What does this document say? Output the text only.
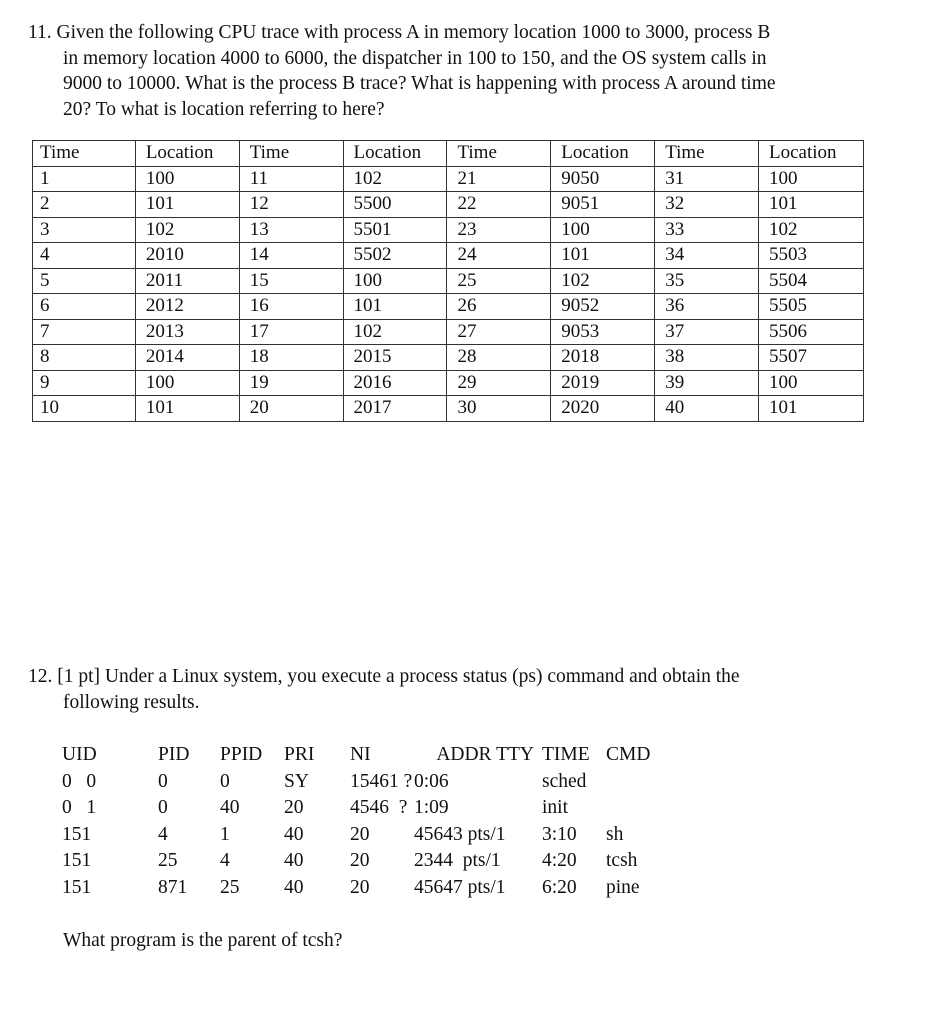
11. Given the following CPU trace with process A in memory location 1000 to 3000, process B
in memory location 4000 to 6000, the dispatcher in 100 to 150, and the OS system calls in
9000 to 10000. What is the process B trace? What is happening with process A around time
20? To what is location referring to here?
Time	Location	Time	Location	Time	Location	Time	Location
1	100	11	102	21	9050	31	100
2	101	12	5500	22	9051	32	101
3	102	13	5501	23	100	33	102
4	2010	14	5502	24	101	34	5503
5	2011	15	100	25	102	35	5504
6	2012	16	101	26	9052	36	5505
7	2013	17	102	27	9053	37	5506
8	2014	18	2015	28	2018	38	5507
9	100	19	2016	29	2019	39	100
10	101	20	2017	30	2020	40	101
12. [1 pt] Under a Linux system, you execute a process status (ps) command and obtain the
following results.
UID	PID	PPID	PRI	NI	ADDR TTY	TIME	CMD
0   0	0	0	SY	15461 ?	0:06	sched	
0   1	0	40	20	4546  ?	1:09	init	
151	4	1	40	20	45643 pts/1	3:10	sh
151	25	4	40	20	2344  pts/1	4:20	tcsh
151	871	25	40	20	45647 pts/1	6:20	pine
What program is the parent of tcsh?
